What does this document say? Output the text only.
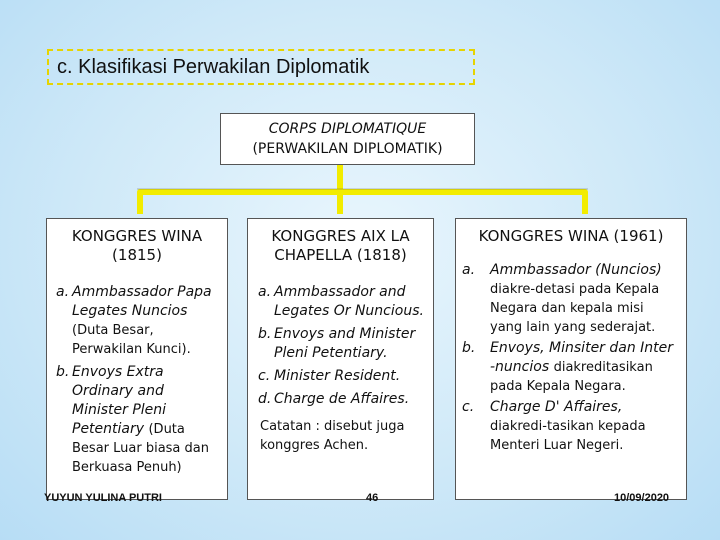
c. Klasifikasi Perwakilan Diplomatik
CORPS DIPLOMATIQUE
(PERWAKILAN DIPLOMATIK)
KONGGRES WINA
(1815)
a. Ammbassador Papa Legates Nuncios (Duta Besar, Perwakilan Kunci).
b. Envoys Extra Ordinary and Minister Pleni Petentiary (Duta Besar Luar biasa dan Berkuasa Penuh)
KONGGRES AIX LA
CHAPELLA (1818)
a. Ammbassador and Legates Or Nuncious.
b. Envoys and Minister Pleni Petentiary.
c. Minister Resident.
d. Charge de Affaires.
Catatan : disebut juga konggres Achen.
KONGGRES WINA (1961)
a. Ammbassador (Nuncios) diakre-detasi pada Kepala Negara dan kepala misi yang lain yang sederajat.
b. Envoys, Minsiter dan Inter -nuncios diakreditasikan pada Kepala Negara.
c. Charge D' Affaires, diakredi-tasikan kepada Menteri Luar Negeri.
YUYUN YULINA PUTRI	46	10/09/2020
